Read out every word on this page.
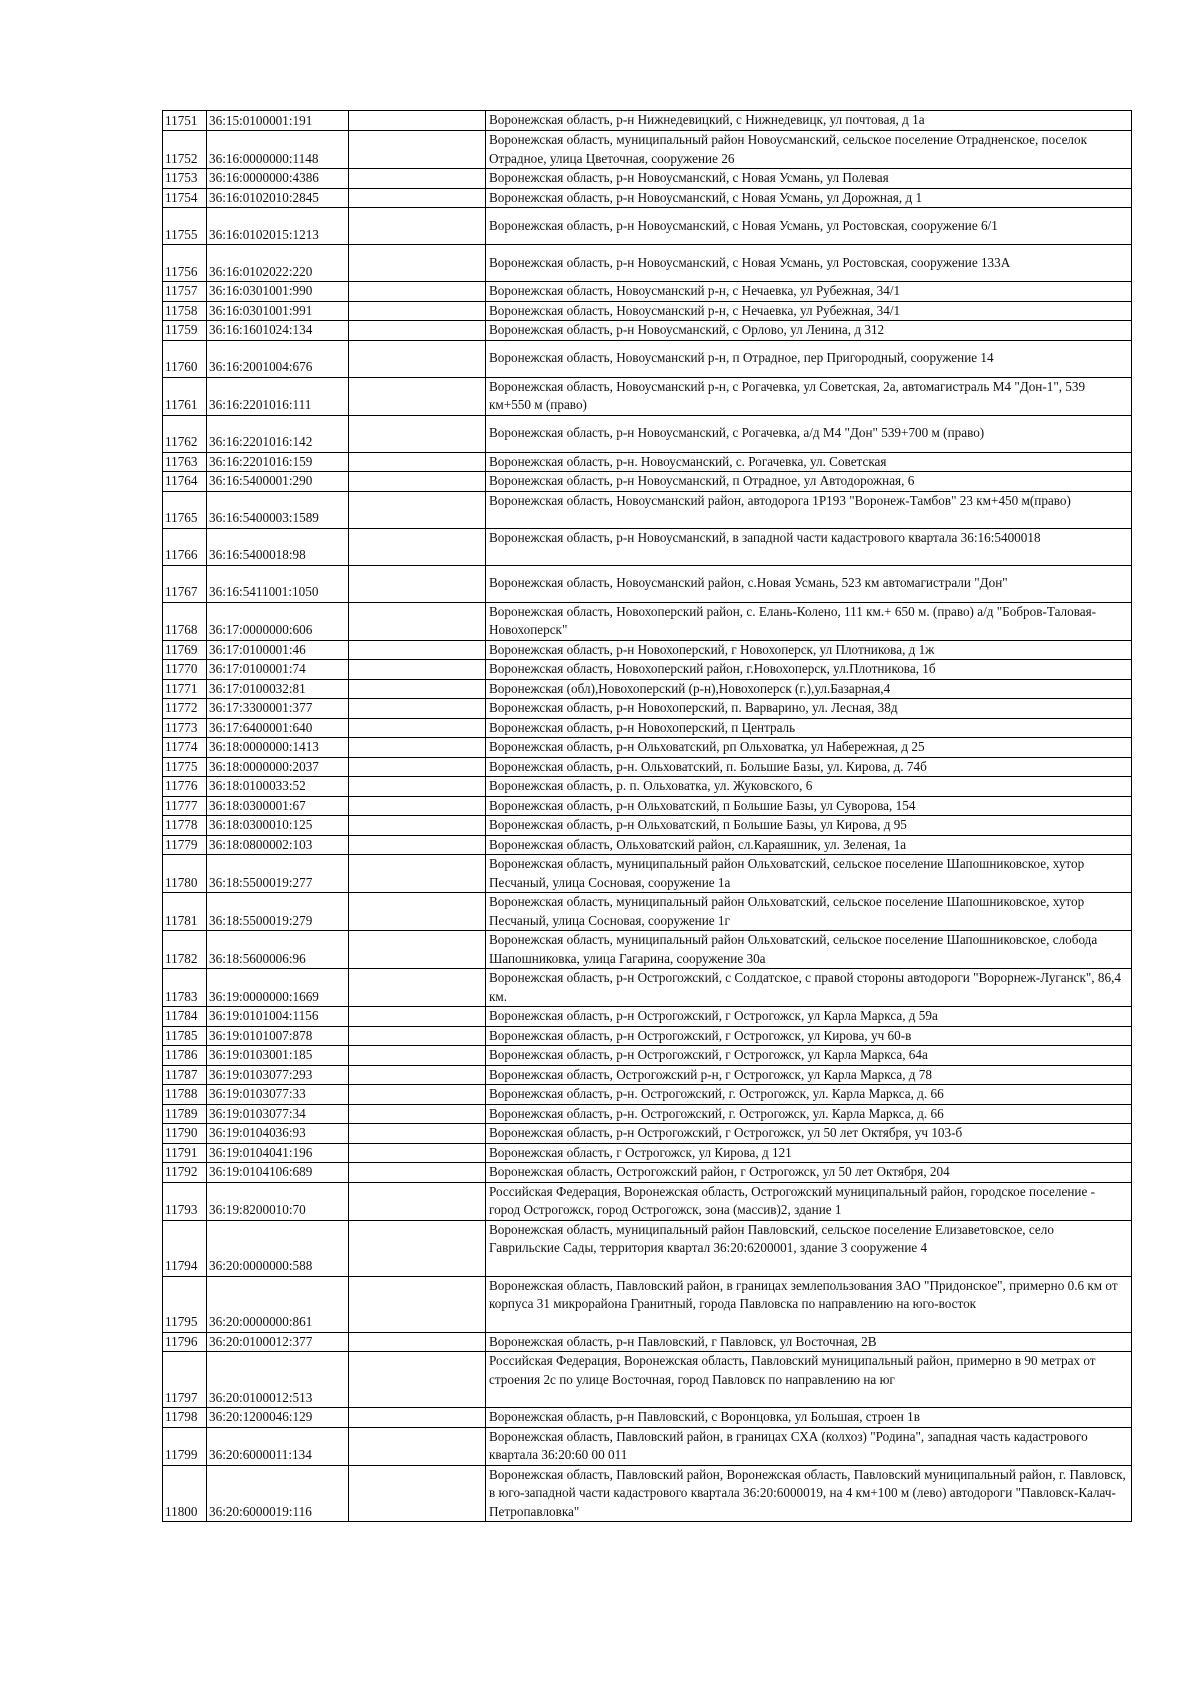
11751	36:15:0100001:191		Воронежская область, р-н Нижнедевицкий, с Нижнедевицк, ул почтовая, д 1а
11752	36:16:0000000:1148		Воронежская область, муниципальный район Новоусманский, сельское поселение Отрадненское, поселок Отрадное, улица Цветочная, сооружение 26
11753	36:16:0000000:4386		Воронежская область, р-н Новоусманский, с Новая Усмань, ул Полевая
11754	36:16:0102010:2845		Воронежская область, р-н Новоусманский, с Новая Усмань, ул Дорожная, д 1
11755	36:16:0102015:1213		Воронежская область, р-н Новоусманский, с Новая Усмань, ул Ростовская, сооружение 6/1
11756	36:16:0102022:220		Воронежская область, р-н Новоусманский, с Новая Усмань, ул Ростовская, сооружение 133А
11757	36:16:0301001:990		Воронежская область, Новоусманский р-н, с Нечаевка, ул Рубежная, 34/1
11758	36:16:0301001:991		Воронежская область, Новоусманский р-н, с Нечаевка, ул Рубежная, 34/1
11759	36:16:1601024:134		Воронежская область, р-н Новоусманский, с Орлово, ул Ленина, д 312
11760	36:16:2001004:676		Воронежская область, Новоусманский р-н, п Отрадное, пер Пригородный, сооружение 14
11761	36:16:2201016:111		Воронежская область, Новоусманский р-н, с Рогачевка, ул Советская, 2а, автомагистраль М4 "Дон-1", 539 км+550 м (право)
11762	36:16:2201016:142		Воронежская область, р-н Новоусманский, с Рогачевка, а/д М4 "Дон" 539+700 м (право)
11763	36:16:2201016:159		Воронежская область, р-н. Новоусманский, с. Рогачевка, ул. Советская
11764	36:16:5400001:290		Воронежская область, р-н Новоусманский, п Отрадное, ул Автодорожная, 6
11765	36:16:5400003:1589		Воронежская область, Новоусманский район, автодорога 1Р193 "Воронеж-Тамбов" 23 км+450 м(право)
11766	36:16:5400018:98		Воронежская область, р-н Новоусманский, в западной части кадастрового квартала 36:16:5400018
11767	36:16:5411001:1050		Воронежская область, Новоусманский район, с.Новая Усмань, 523 км автомагистрали "Дон"
11768	36:17:0000000:606		Воронежская область, Новохоперский район, с. Елань-Колено, 111 км.+ 650 м. (право) а/д "Бобров-Таловая-Новохоперск"
11769	36:17:0100001:46		Воронежская область, р-н Новохоперский, г Новохоперск, ул Плотникова, д 1ж
11770	36:17:0100001:74		Воронежская область, Новохоперский район, г.Новохоперск, ул.Плотникова, 1б
11771	36:17:0100032:81		Воронежская (обл),Новохоперский (р-н),Новохоперск (г.),ул.Базарная,4
11772	36:17:3300001:377		Воронежская область, р-н Новохоперский, п. Варварино, ул. Лесная, 38д
11773	36:17:6400001:640		Воронежская область, р-н Новохоперский, п Централь
11774	36:18:0000000:1413		Воронежская область, р-н Ольховатский, рп Ольховатка, ул Набережная, д 25
11775	36:18:0000000:2037		Воронежская область, р-н. Ольховатский, п. Большие Базы, ул. Кирова, д. 74б
11776	36:18:0100033:52		Воронежская область, р. п. Ольховатка, ул. Жуковского, 6
11777	36:18:0300001:67		Воронежская область, р-н Ольховатский, п Большие Базы, ул Суворова, 154
11778	36:18:0300010:125		Воронежская область, р-н Ольховатский, п Большие Базы, ул Кирова, д 95
11779	36:18:0800002:103		Воронежская область, Ольховатский район, сл.Караяшник, ул. Зеленая, 1а
11780	36:18:5500019:277		Воронежская область, муниципальный район Ольховатский, сельское поселение Шапошниковское, хутор Песчаный, улица Сосновая, сооружение 1а
11781	36:18:5500019:279		Воронежская область, муниципальный район Ольховатский, сельское поселение Шапошниковское, хутор Песчаный, улица Сосновая, сооружение 1г
11782	36:18:5600006:96		Воронежская область, муниципальный район Ольховатский, сельское поселение Шапошниковское, слобода Шапошниковка, улица Гагарина, сооружение 30а
11783	36:19:0000000:1669		Воронежская область, р-н Острогожский, с Солдатское, с правой стороны автодороги "Ворорнеж-Луганск", 86,4 км.
11784	36:19:0101004:1156		Воронежская область, р-н Острогожский, г Острогожск, ул Карла Маркса, д 59а
11785	36:19:0101007:878		Воронежская область, р-н Острогожский, г Острогожск, ул Кирова, уч 60-в
11786	36:19:0103001:185		Воронежская область, р-н Острогожский, г Острогожск, ул Карла Маркса, 64а
11787	36:19:0103077:293		Воронежская область, Острогожский р-н, г Острогожск, ул Карла Маркса, д 78
11788	36:19:0103077:33		Воронежская область, р-н. Острогожский, г. Острогожск, ул. Карла Маркса, д. 66
11789	36:19:0103077:34		Воронежская область, р-н. Острогожский, г. Острогожск, ул. Карла Маркса, д. 66
11790	36:19:0104036:93		Воронежская область, р-н Острогожский, г Острогожск, ул 50 лет Октября, уч 103-б
11791	36:19:0104041:196		Воронежская область, г Острогожск, ул Кирова, д 121
11792	36:19:0104106:689		Воронежская область, Острогожский район, г Острогожск, ул 50 лет Октября, 204
11793	36:19:8200010:70		Российская Федерация, Воронежская область, Острогожский муниципальный район, городское поселение - город Острогожск, город Острогожск, зона (массив)2, здание 1
11794	36:20:0000000:588		Воронежская область, муниципальный район Павловский, сельское поселение Елизаветовское, село Гаврильские Сады, территория квартал 36:20:6200001, здание 3 сооружение 4
11795	36:20:0000000:861		Воронежская область, Павловский район, в границах землепользования ЗАО "Придонское", примерно 0.6 км от корпуса 31 микрорайона Гранитный, города Павловска по направлению на юго-восток
11796	36:20:0100012:377		Воронежская область, р-н Павловский, г Павловск, ул Восточная, 2В
11797	36:20:0100012:513		Российская Федерация, Воронежская область, Павловский муниципальный район, примерно в 90 метрах от строения 2с по улице Восточная, город Павловск по направлению на юг
11798	36:20:1200046:129		Воронежская область, р-н Павловский, с Воронцовка, ул Большая, строен 1в
11799	36:20:6000011:134		Воронежская область, Павловский район, в границах СХА (колхоз) "Родина", западная часть кадастрового квартала 36:20:60 00 011
11800	36:20:6000019:116		Воронежская область, Павловский район, Воронежская область, Павловский муниципальный район, г. Павловск, в юго-западной части кадастрового квартала 36:20:6000019, на 4 км+100 м (лево) автодороги "Павловск-Калач-Петропавловка"
